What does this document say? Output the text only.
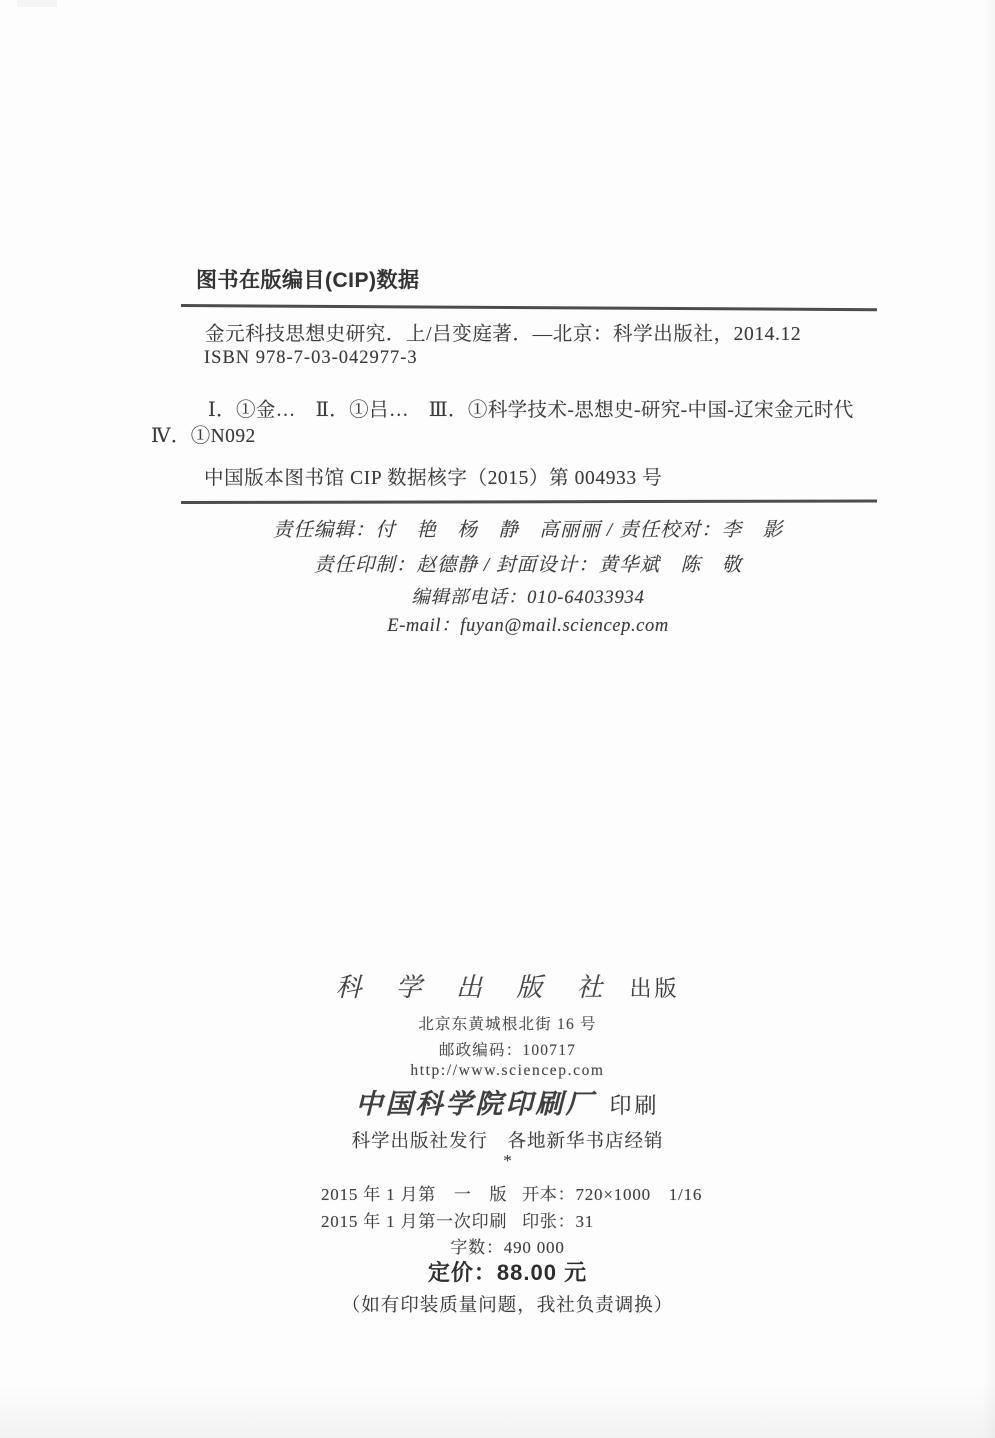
图书在版编目(CIP)数据
金元科技思想史研究．上/吕变庭著．—北京：科学出版社，2014.12
ISBN 978-7-03-042977-3
Ⅰ．①金…　Ⅱ．①吕…　Ⅲ．①科学技术-思想史-研究-中国-辽宋金元时代
Ⅳ．①N092
中国版本图书馆 CIP 数据核字（2015）第 004933 号
责任编辑：付　艳　杨　静　高丽丽 / 责任校对：李　影
责任印制：赵德静 / 封面设计：黄华斌　陈　敬
编辑部电话：010-64033934
E-mail：fuyan@mail.sciencep.com
科 学 出 版 社 出版
北京东黄城根北街 16 号
邮政编码：100717
http://www.sciencep.com
中国科学院印刷厂 印刷
科学出版社发行　各地新华书店经销
*
2015 年 1 月第　一　版 开本：720×1000　1/16
2015 年 1 月第一次印刷 印张：31
字数：490 000
定价：88.00 元
（如有印装质量问题，我社负责调换）
